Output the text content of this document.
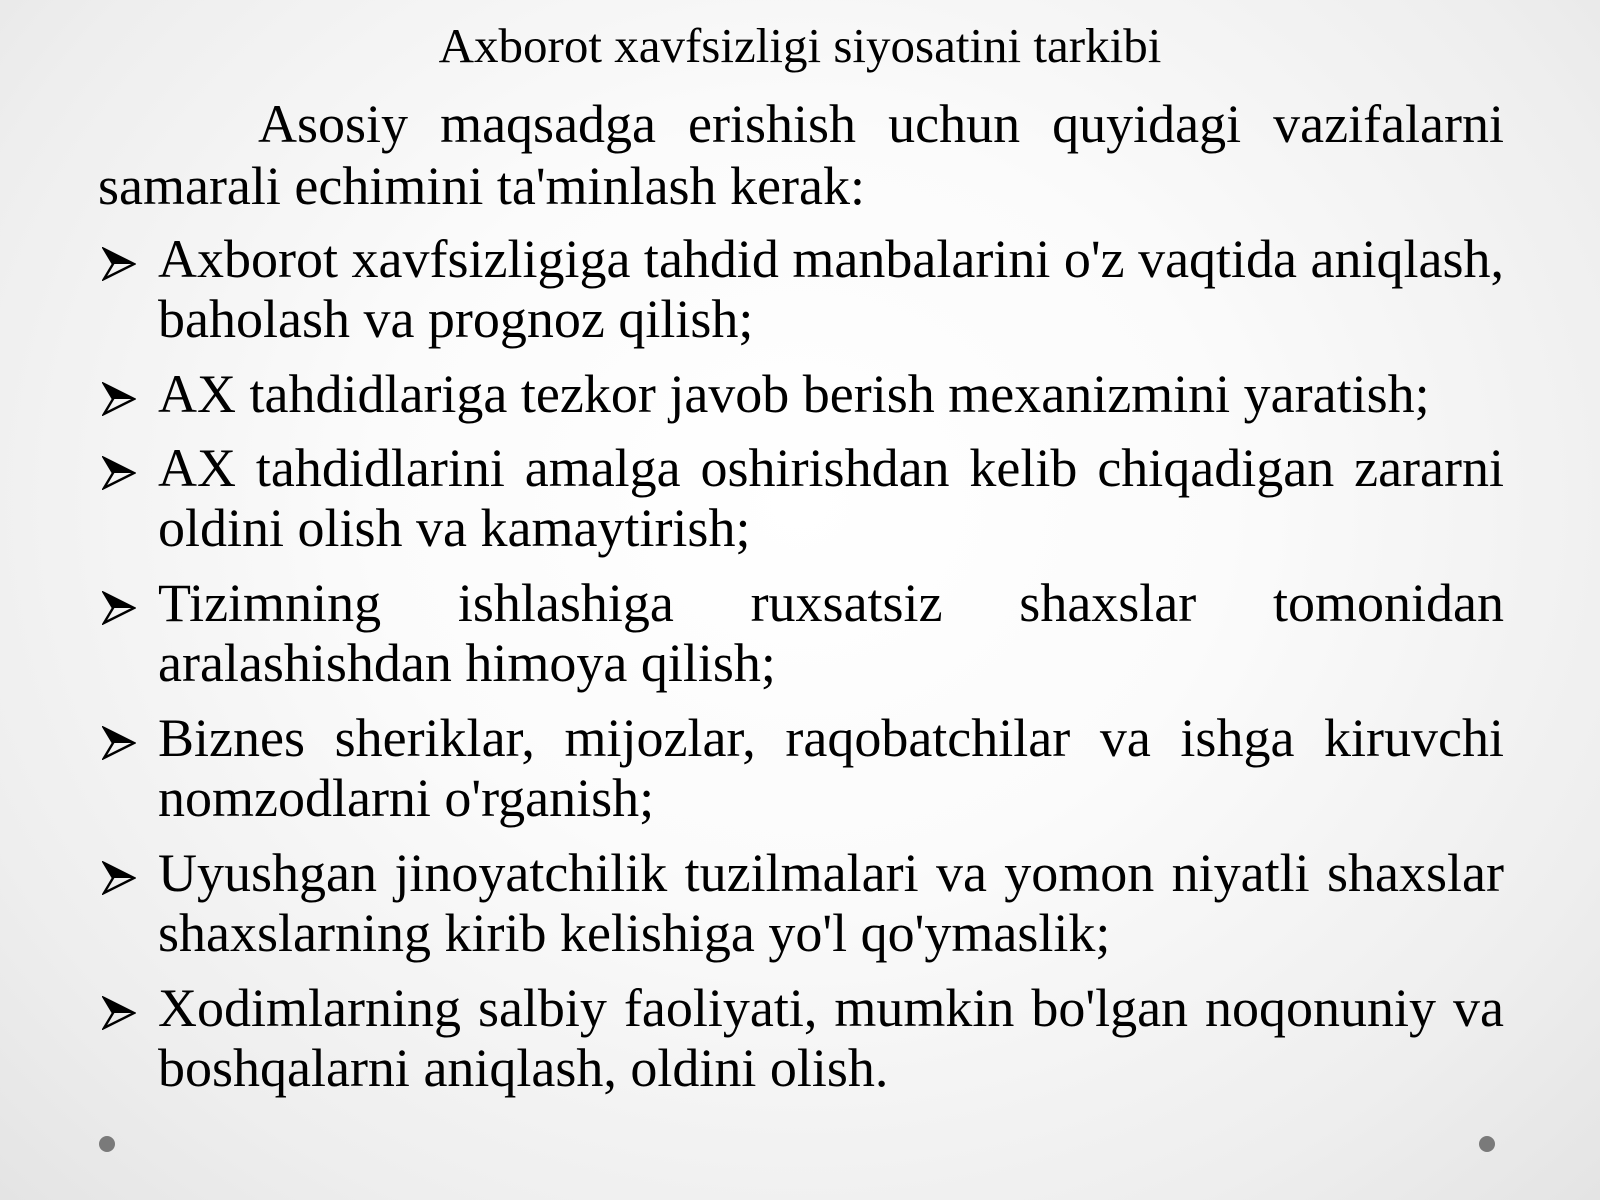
Axborot xavfsizligi siyosatini tarkibi

Asosiy maqsadga erishish uchun quyidagi vazifalarni samarali echimini ta'minlash kerak:

Axborot xavfsizligiga tahdid manbalarini o'z vaqtida aniqlash, baholash va prognoz qilish;
AX tahdidlariga tezkor javob berish mexanizmini yaratish;
AX tahdidlarini amalga oshirishdan kelib chiqadigan zararni oldini olish va kamaytirish;
Tizimning ishlashiga ruxsatsiz shaxslar tomonidan aralashishdan himoya qilish;
Biznes sheriklar, mijozlar, raqobatchilar va ishga kiruvchi nomzodlarni o'rganish;
Uyushgan jinoyatchilik tuzilmalari va yomon niyatli shaxslar shaxslarning kirib kelishiga yo'l qo'ymaslik;
Xodimlarning salbiy faoliyati, mumkin bo'lgan noqonuniy va boshqalarni aniqlash, oldini olish.
